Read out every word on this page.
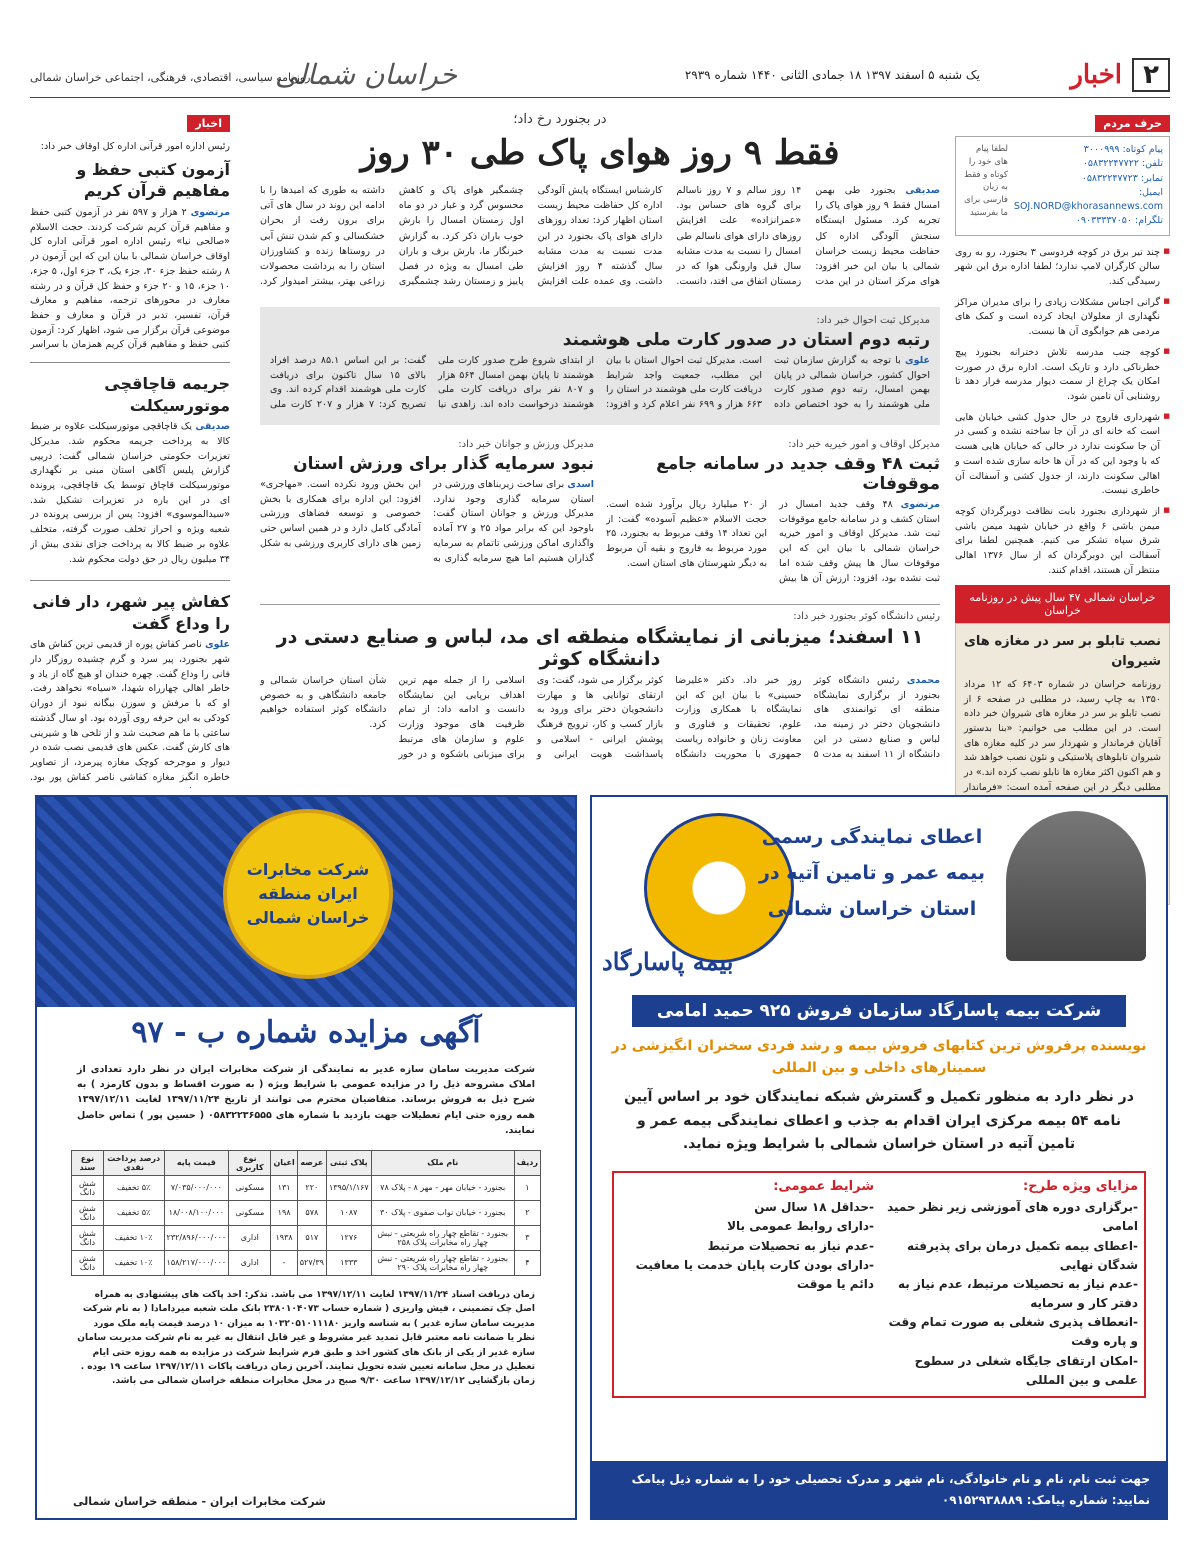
۲
اخبار
یک شنبه ۵ اسفند ۱۳۹۷ ۱۸ جمادی الثانی ۱۴۴۰ شماره ۲۹۳۹
خراسان شمالی
روزنامه سیاسی، اقتصادی، فرهنگی، اجتماعی خراسان شمالی
حرف مردم
پیام کوتاه: ۳۰۰۰۹۹۹
تلفن: ۰۵۸۳۲۲۴۷۷۲۲
تمابر: ۰۵۸۳۲۲۴۷۷۲۳
ایمیل: SOJ.NORD@khorasannews.com
تلگرام: ۰۹۰۳۳۳۳۷۰۵۰
لطفا پیام های خود را کوتاه و فقط به زبان فارسی برای ما بفرستید
■ چند تیر برق در کوچه فردوسی ۳ بجنورد، رو به روی سالن کارگران لامپ ندارد؛ لطفا اداره برق این شهر رسیدگی کند.
■ گرانی اجناس مشکلات زیادی را برای مدیران مراکز نگهداری از معلولان ایجاد کرده است و کمک های مردمی هم جوابگوی آن ها نیست.
■ کوچه جنب مدرسه تلاش دخترانه بجنورد پیچ خطرناکی دارد و تاریک است. اداره برق در صورت امکان یک چراغ از سمت دیوار مدرسه فرار دهد تا روشنایی آن تامین شود.
■ شهرداری فاروج در حال جدول کشی خیابان هایی است که خانه ای در آن جا ساخته نشده و کسی در آن جا سکونت ندارد در حالی که خیابان هایی هست که با وجود این که در آن ها خانه سازی شده است و اهالی سکونت دارند، از جدول کشی و آسفالت آن خاطری نیست.
■ از شهرداری بجنورد بابت نظافت دوبرگردان کوچه میمن باشی ۶ واقع در خیابان شهید میمن باشی شرق سپاه تشکر می کنیم. همچنین لطفا برای آسفالت این دوبرگردان که از سال ۱۳۷۶ اهالی منتظر آن هستند، اقدام کنند.
خراسان شمالی ۴۷ سال پیش در روزنامه خراسان
نصب تابلو بر سر در مغازه های شیروان

روزنامه خراسان در شماره ۶۴۰۳ که ۱۲ مرداد ۱۳۵۰ به چاپ رسید، در مطلبی در صفحه ۶ از نصب تابلو بر سر در مغازه های شیروان خبر داده است. در این مطلب می خوانیم: «بنا بدستور آقایان فرماندار و شهردار سر در کلیه مغازه های شیروان تابلوهای پلاستیکی و نئون نصب خواهد شد و هم اکنون اکثر مغازه ها تابلو نصب کرده اند.» در مطلبی دیگر در این صفحه آمده است: «فرماندار

در بجنورد رخ داد؛
فقط ۹ روز هوای پاک طی ۳۰ روز
صدیقی بجنورد طی بهمن امسال فقط ۹ روز هوای پاک را تجربه کرد. مسئول ایستگاه سنجش آلودگی اداره کل حفاظت محیط زیست خراسان شمالی با بیان این خبر افزود: هوای مرکز استان در این مدت ۱۴ روز سالم و ۷ روز ناسالم برای گروه های حساس بود. «عمرانزاده» علت افزایش روزهای دارای هوای ناسالم طی امسال را نسبت به مدت مشابه سال قبل وارونگی هوا که در زمستان اتفاق می افتد، دانست. کارشناس ایستگاه پایش آلودگی اداره کل حفاظت محیط زیست استان اظهار کرد: تعداد روزهای دارای هوای پاک بجنورد در این مدت نسبت به مدت مشابه سال گذشته ۴ روز افزایش داشت. وی عمده علت افزایش چشمگیر هوای پاک و کاهش محسوس گرد و غبار در دو ماه اول زمستان امسال را بارش خوب باران ذکر کرد. به گزارش خبرنگار ما، بارش برف و باران طی امسال به ویژه در فصل پاییز و زمستان رشد چشمگیری داشته به طوری که امیدها را با ادامه این روند در سال های آتی برای برون رفت از بحران خشکسالی و کم شدن تنش آبی در روستاها زنده و کشاورزان استان را به برداشت محصولات زراعی بهتر، بیشتر امیدوار کرد.
مدیرکل ثبت احوال خبر داد:
رتبه دوم استان در صدور کارت ملی هوشمند
علوی با توجه به گزارش سازمان ثبت احوال کشور، خراسان شمالی در پایان بهمن امسال، رتبه دوم صدور کارت ملی هوشمند را به خود اختصاص داده است. مدیرکل ثبت احوال استان با بیان این مطلب، جمعیت واجد شرایط دریافت کارت ملی هوشمند در استان را ۶۶۳ هزار و ۶۹۹ نفر اعلام کرد و افزود: از ابتدای شروع طرح صدور کارت ملی هوشمند تا پایان بهمن امسال ۵۶۴ هزار و ۸۰۷ نفر برای دریافت کارت ملی هوشمند درخواست داده اند. زاهدی نیا گفت: بر این اساس ۸۵.۱ درصد افراد بالای ۱۵ سال تاکنون برای دریافت کارت ملی هوشمند اقدام کرده اند. وی تصریح کرد: ۷ هزار و ۲۰۷ کارت ملی
مدیرکل اوقاف و امور خیریه خبر داد:
ثبت ۴۸ وقف جدید در سامانه جامع موقوفات
مرتضوی ۴۸ وقف جدید امسال در استان کشف و در سامانه جامع موقوفات ثبت شد. مدیرکل اوقاف و امور خیریه خراسان شمالی با بیان این که این موقوفات سال ها پیش وقف شده اما ثبت نشده بود، افزود: ارزش آن ها بیش از ۲۰ میلیارد ریال برآورد شده است. حجت الاسلام «عظیم آسوده» گفت: از این تعداد ۱۴ وقف مربوط به بجنورد، ۲۵ مورد مربوط به فاروج و بقیه آن مربوط به دیگر شهرستان های استان است.
مدیرکل ورزش و جوانان خبر داد:
نبود سرمایه گذار برای ورزش استان
اسدی برای ساخت زیربناهای ورزشی در استان سرمایه گذاری وجود ندارد. مدیرکل ورزش و جوانان استان گفت: باوجود این که برابر مواد ۲۵ و ۲۷ آماده واگذاری اماکن ورزشی تاتمام به سرمایه گذاران هستیم اما هیچ سرمایه گذاری به این بخش ورود نکرده است. «مهاجری» افزود: این اداره برای همکاری با بخش خصوصی و توسعه فضاهای ورزشی آمادگی کامل دارد و در همین اساس حتی زمین های دارای کاربری ورزشی به شکل
رئیس دانشگاه کوثر بجنورد خبر داد:
۱۱ اسفند؛ میزبانی از نمایشگاه منطقه ای مد، لباس و صنایع دستی در دانشگاه کوثر
محمدی رئیس دانشگاه کوثر بجنورد از برگزاری نمایشگاه منطقه ای توانمندی های دانشجویان دختر در زمینه مد، لباس و صنایع دستی در این دانشگاه از ۱۱ اسفند به مدت ۵ روز خبر داد. دکتر «علیرضا حسینی» با بیان این که این نمایشگاه با همکاری وزارت علوم، تحقیقات و فناوری و معاونت زنان و خانواده ریاست جمهوری با محوریت دانشگاه کوثر برگزار می شود، گفت: وی ارتقای توانایی ها و مهارت دانشجویان دختر برای ورود به بازار کسب و کار، ترویج فرهنگ پوشش ایرانی - اسلامی و پاسداشت هویت ایرانی و اسلامی را از جمله مهم ترین اهداف برپایی این نمایشگاه دانست و ادامه داد: از تمام ظرفیت های موجود وزارت علوم و سازمان های مرتبط برای میزبانی باشکوه و در خور شأن استان خراسان شمالی و جامعه دانشگاهی و به خصوص دانشگاه کوثر استفاده خواهیم کرد.
اخبار
رئیس اداره امور قرآنی اداره کل اوقاف خبر داد:
آزمون کتبی حفظ و مفاهیم قرآن کریم
مرتضوی ۲ هزار و ۵۹۷ نفر در آزمون کتبی حفظ و مفاهیم قرآن کریم شرکت کردند. حجت الاسلام «صالحی نیا» رئیس اداره امور قرآنی اداره کل اوقاف خراسان شمالی با بیان این که این آزمون در ۸ رشته حفظ جزء ۳۰، جزء یک، ۳ جزء اول، ۵ جزء، ۱۰ جزء، ۱۵ و ۲۰ جزء و حفظ کل قرآن و در رشته معارف در محورهای ترجمه، مفاهیم و معارف قرآن، تفسیر، تدبر در قرآن و معارف و حفظ موضوعی قرآن برگزار می شود، اظهار کرد: آزمون کتبی حفظ و مفاهیم قرآن کریم همزمان با سراسر
جریمه قاچاقچی موتورسیکلت
صدیقی یک قاچاقچی موتورسیکلت علاوه بر ضبط کالا به پرداخت جریمه محکوم شد. مدیرکل تعزیرات حکومتی خراسان شمالی گفت: دریپی گزارش پلیس آگاهی استان مبنی بر نگهداری موتورسیکلت قاچاق توسط یک قاچاقچی، پرونده ای در این باره در تعزیرات تشکیل شد. «سیدالموسوی» افزود: پس از بررسی پرونده در شعبه ویژه و احراز تخلف صورت گرفته، متخلف علاوه بر ضبط کالا به پرداخت جزای نقدی بیش از ۳۴ میلیون ریال در حق دولت محکوم شد.
کفاش پیر شهر، دار فانی را وداع گفت
علوی ناصر کفاش پوره از قدیمی ترین کفاش های شهر بجنورد، پیر سرد و گرم چشیده روزگار دار فانی را وداع گفت. چهره خندان او هیچ گاه از یاد و خاطر اهالی چهارراه شهدا، «سیاه» نخواهد رفت. او که با مرفش و سوزن بیگانه نبود از دوران کودکی به این حرفه روی آورده بود. او سال گذشته ساعتی با ما هم صحبت شد و از تلخی ها و شیرینی های کارش گفت. عکس های قدیمی نصب شده در دیوار و موجرخه کوچک مغازه پیرمرد، از تصاویر خاطره انگیز مغازه کفاشی ناصر کفاش پور بود.
شرکت مخابرات ایران منطقه خراسان شمالی
آگهی مزایده شماره ب - ۹۷
شرکت مدیریت سامان سازه غدیر به نمایندگی از شرکت مخابرات ایران در نظر دارد تعدادی از املاک مشروحه ذیل را در مزایده عمومی با شرایط ویژه ( به صورت اقساط و بدون کارمزد ) به شرح ذیل به فروش برساند. متقاضیان محترم می توانند از تاریخ ۱۳۹۷/۱۱/۲۴ لغایت ۱۳۹۷/۱۲/۱۱ همه روزه حتی ایام تعطیلات جهت بازدید با شماره های ۰۵۸۳۲۲۳۶۵۵۵ ( حسین پور ) تماس حاصل نمایند.
ردیف	نام ملک	پلاک ثبتی	عرصه	اعیان	نوع کاربری	قیمت پایه	درصد پرداخت نقدی	نوع سند
۱	بجنورد - خیابان مهر - مهر ۸ - پلاک ۷۸	۱۳۹۵/۱/۱۶۷	۲۲۰	۱۳۱	مسکونی	۷/۰۳۵/۰۰۰/۰۰۰	۵٪ تخفیف	شش دانگ
۲	بجنورد - خیابان نواب صفوی - پلاک ۳۰	۱۰۸۷	۵۷۸	۱۹۸	مسکونی	۱۸/۰۰۸/۱۰۰/۰۰۰	۵٪ تخفیف	شش دانگ
۳	بجنورد - تقاطع چهار راه شریعتی - نبش چهار راه مخابرات پلاک ۲۵۸	۱۲۷۶	۵۱۷	۱۹۳۸	اداری	۲۳۲/۸۹۶/۰۰۰/۰۰۰	۱۰٪ تخفیف	شش دانگ
۴	بجنورد - تقاطع چهار راه شریعتی - نبش چهار راه مخابرات پلاک ۲۹۰	۱۳۳۳	۵۲۷/۳۹	-	اداری	۱۵۸/۲۱۷/۰۰۰/۰۰۰	۱۰٪ تخفیف	شش دانگ
زمان دریافت اسناد ۱۳۹۷/۱۱/۲۴ لغایت ۱۳۹۷/۱۲/۱۱ می باشد. تذکر: اخذ پاکت های پیشنهادی به همراه اصل چک تضمینی ، فیش واریزی ( شماره حساب ۲۳۸۰۱۰۴۰۷۳ بانک ملت شعبه میردامادا ( به نام شرکت مدیریت سامان سازه غدیر ) به شناسه واریز ۱۰۳۲۰۵۱۰۱۱۱۸۰ به میزان ۱۰ درصد قیمت پایه ملک مورد نظر یا ضمانت نامه معتبر قابل تمدید غیر مشروط و غیر قابل انتقال به غیر به نام شرکت مدیریت سامان سازه غدیر از یکی از بانک های کشور اخذ و طبق فرم شرایط شرکت در مزایده به همه روزه حتی ایام تعطیل در محل سامانه تعیین شده تحویل نمایند. آخرین زمان دریافت پاکات ۱۳۹۷/۱۲/۱۱ ساعت ۱۹ بوده . زمان بازگشایی ۱۳۹۷/۱۲/۱۲ ساعت ۹/۳۰ صبح در محل مخابرات منطقه خراسان شمالی می باشد.
شرکت مخابرات ایران - منطقه خراسان شمالی
بیمه پاسارگاد
اعطای نمایندگی رسمی بیمه عمر و تامین آتیه در استان خراسان شمالی
شرکت بیمه پاسارگاد سازمان فروش ۹۲۵ حمید امامی
نویسنده پرفروش ترین کتابهای فروش بیمه و رشد فردی سخنران انگیزشی در سمینارهای داخلی و بین المللی
در نظر دارد به منظور تکمیل و گسترش شبکه نمایندگان خود بر اساس آیین نامه ۵۴ بیمه مرکزی ایران اقدام به جذب و اعطای نمایندگی بیمه عمر و تامین آتیه در استان خراسان شمالی با شرایط ویژه نماید.
مزایای ویژه طرح:
-برگزاری دوره های آموزشی زیر نظر حمید امامی
-اعطای بیمه تکمیل درمان برای پذیرفته شدگان نهایی
-عدم نیاز به تحصیلات مرتبط، عدم نیاز به دفتر کار و سرمایه
-انعطاف پذیری شغلی به صورت تمام وقت و پاره وقت
-امکان ارتقای جایگاه شغلی در سطوح علمی و بین المللی
شرایط عمومی:
-حداقل ۱۸ سال سن
-دارای روابط عمومی بالا
-عدم نیاز به تحصیلات مرتبط
-دارای بودن کارت پایان خدمت یا معافیت دائم یا موقت
جهت ثبت نام، نام و نام خانوادگی، نام شهر و مدرک تحصیلی خود را به شماره ذیل پیامک نمایید: شماره پیامک: ۰۹۱۵۲۹۳۸۸۸۹
